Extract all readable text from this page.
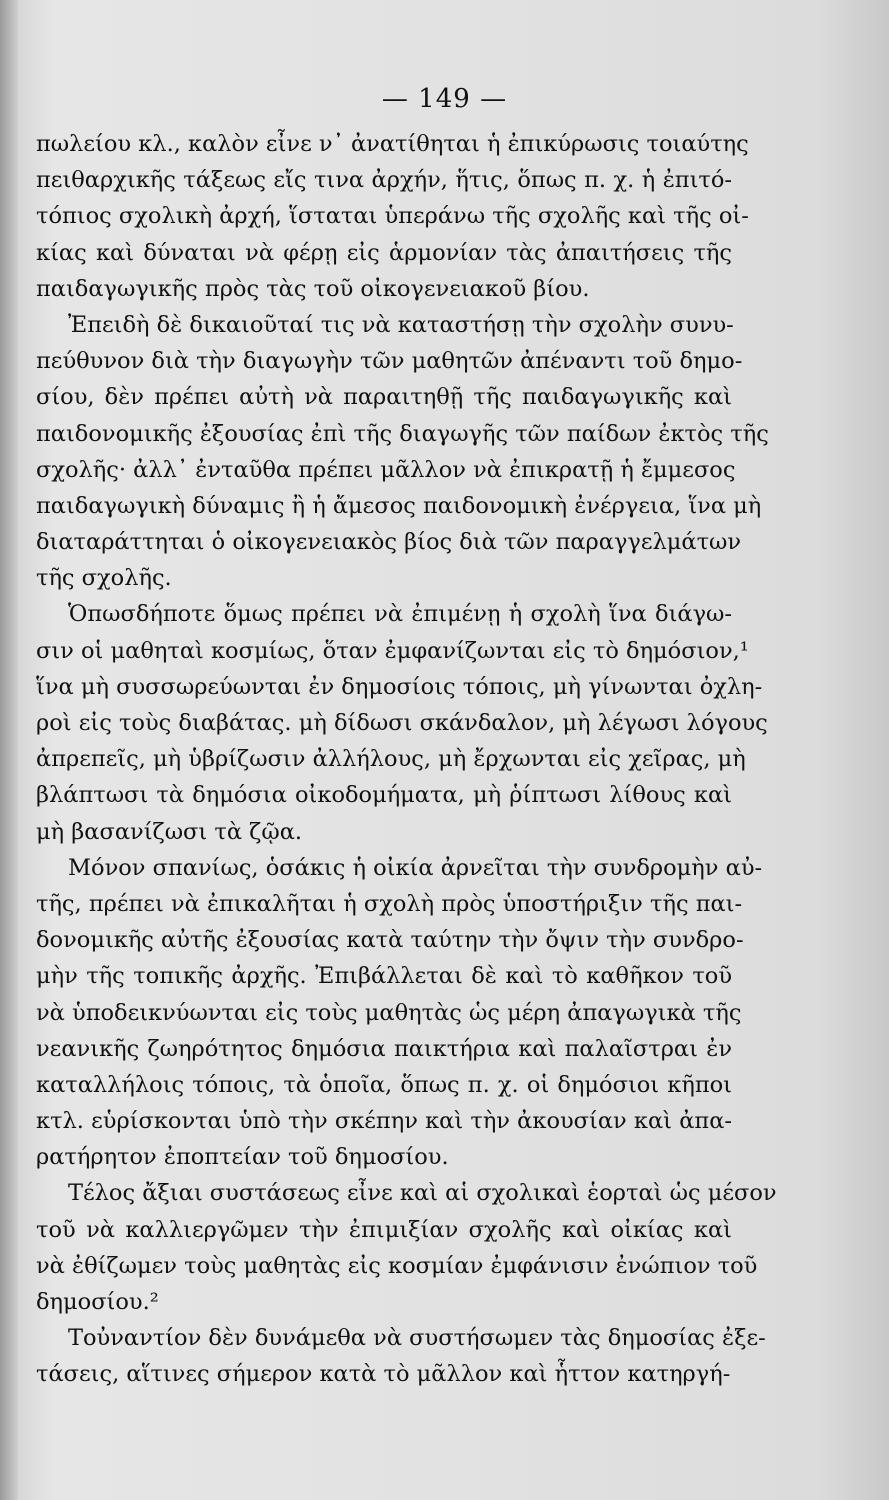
— 149 —
πωλείου κλ., καλὸν εἶνε ν᾽ ἀνατίθηται ἡ ἐπικύρωσις τοιαύτης
πειθαρχικῆς τάξεως εἴς τινα ἀρχήν, ἥτις, ὅπως π. χ. ἡ ἐπιτό-
τόπιος σχολικὴ ἀρχή, ἵσταται ὑπεράνω τῆς σχολῆς καὶ τῆς οἰ-
κίας καὶ δύναται νὰ φέρῃ εἰς ἁρμονίαν τὰς ἀπαιτήσεις τῆς
παιδαγωγικῆς πρὸς τὰς τοῦ οἰκογενειακοῦ βίου.
Ἐπειδὴ δὲ δικαιοῦταί τις νὰ καταστήσῃ τὴν σχολὴν συνυ-
πεύθυνον διὰ τὴν διαγωγὴν τῶν μαθητῶν ἀπέναντι τοῦ δημο-
σίου, δὲν πρέπει αὐτὴ νὰ παραιτηθῇ τῆς παιδαγωγικῆς καὶ
παιδονομικῆς ἐξουσίας ἐπὶ τῆς διαγωγῆς τῶν παίδων ἐκτὸς τῆς
σχολῆς· ἀλλ᾽ ἐνταῦθα πρέπει μᾶλλον νὰ ἐπικρατῇ ἡ ἔμμεσος
παιδαγωγικὴ δύναμις ἢ ἡ ἄμεσος παιδονομικὴ ἐνέργεια, ἵνα μὴ
διαταράττηται ὁ οἰκογενειακὸς βίος διὰ τῶν παραγγελμάτων
τῆς σχολῆς.
Ὁπωσδήποτε ὅμως πρέπει νὰ ἐπιμένῃ ἡ σχολὴ ἵνα διάγω-
σιν οἱ μαθηταὶ κοσμίως, ὅταν ἐμφανίζωνται εἰς τὸ δημόσιον,¹
ἵνα μὴ συσσωρεύωνται ἐν δημοσίοις τόποις, μὴ γίνωνται ὀχλη-
ροὶ εἰς τοὺς διαβάτας. μὴ δίδωσι σκάνδαλον, μὴ λέγωσι λόγους
ἀπρεπεῖς, μὴ ὑβρίζωσιν ἀλλήλους, μὴ ἔρχωνται εἰς χεῖρας, μὴ
βλάπτωσι τὰ δημόσια οἰκοδομήματα, μὴ ῥίπτωσι λίθους καὶ
μὴ βασανίζωσι τὰ ζῷα.
Μόνον σπανίως, ὁσάκις ἡ οἰκία ἀρνεῖται τὴν συνδρομὴν αὐ-
τῆς, πρέπει νὰ ἐπικαλῆται ἡ σχολὴ πρὸς ὑποστήριξιν τῆς παι-
δονομικῆς αὐτῆς ἐξουσίας κατὰ ταύτην τὴν ὄψιν τὴν συνδρο-
μὴν τῆς τοπικῆς ἀρχῆς. Ἐπιβάλλεται δὲ καὶ τὸ καθῆκον τοῦ
νὰ ὑποδεικνύωνται εἰς τοὺς μαθητὰς ὡς μέρη ἀπαγωγικὰ τῆς
νεανικῆς ζωηρότητος δημόσια παικτήρια καὶ παλαῖστραι ἐν
καταλλήλοις τόποις, τὰ ὁποῖα, ὅπως π. χ. οἱ δημόσιοι κῆποι
κτλ. εὑρίσκονται ὑπὸ τὴν σκέπην καὶ τὴν ἀκουσίαν καὶ ἀπα-
ρατήρητον ἐποπτείαν τοῦ δημοσίου.
Τέλος ἄξιαι συστάσεως εἶνε καὶ αἱ σχολικαὶ ἑορταὶ ὡς μέσον
τοῦ νὰ καλλιεργῶμεν τὴν ἐπιμιξίαν σχολῆς καὶ οἰκίας καὶ
νὰ ἐθίζωμεν τοὺς μαθητὰς εἰς κοσμίαν ἐμφάνισιν ἐνώπιον τοῦ
δημοσίου.²
Τοὐναντίον δὲν δυνάμεθα νὰ συστήσωμεν τὰς δημοσίας ἐξε-
τάσεις, αἵτινες σήμερον κατὰ τὸ μᾶλλον καὶ ἧττον κατηργή-
